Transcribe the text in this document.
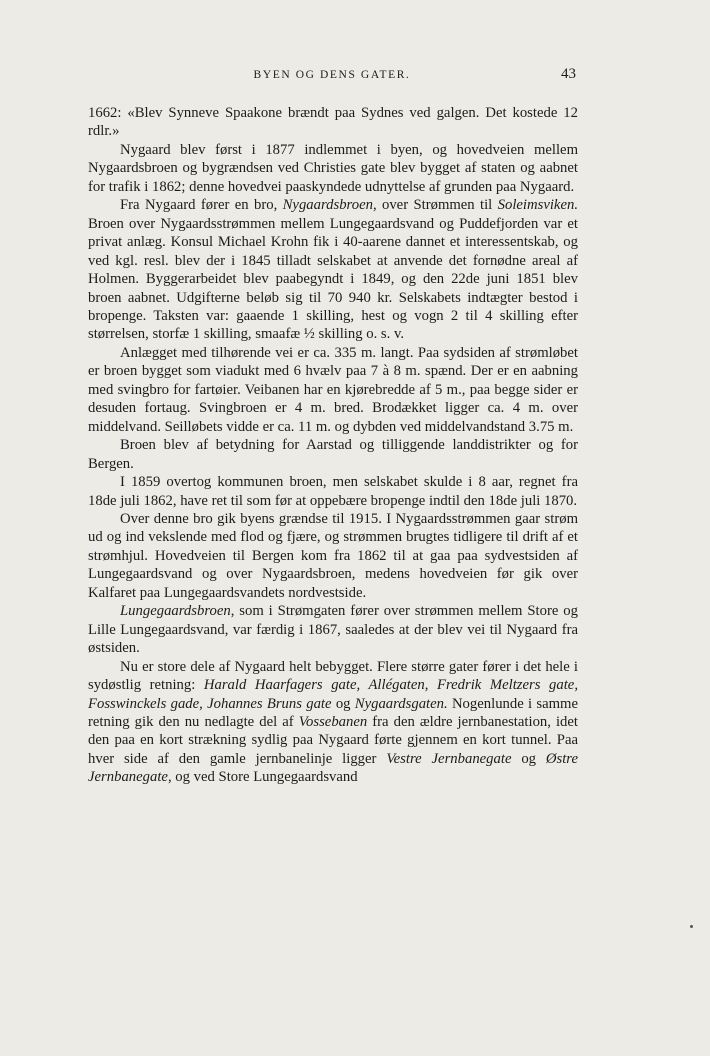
BYEN OG DENS GATER.	43

1662: «Blev Synneve Spaakone brændt paa Sydnes ved galgen. Det kostede 12 rdlr.»

Nygaard blev først i 1877 indlemmet i byen, og hovedveien mellem Nygaardsbroen og bygrændsen ved Christies gate blev bygget af staten og aabnet for trafik i 1862; denne hovedvei paaskyndede udnyttelse af grunden paa Nygaard.

Fra Nygaard fører en bro, Nygaardsbroen, over Strømmen til Soleimsviken. Broen over Nygaardsstrømmen mellem Lungegaardsvand og Puddefjorden var et privat anlæg. Konsul Michael Krohn fik i 40-aarene dannet et interessentskab, og ved kgl. resl. blev der i 1845 tilladt selskabet at anvende det fornødne areal af Holmen. Byggerarbeidet blev paabegyndt i 1849, og den 22de juni 1851 blev broen aabnet. Udgifterne beløb sig til 70 940 kr. Selskabets indtægter bestod i bropenge. Taksten var: gaaende 1 skilling, hest og vogn 2 til 4 skilling efter størrelsen, storfæ 1 skilling, smaafæ ½ skilling o. s. v.

Anlægget med tilhørende vei er ca. 335 m. langt. Paa sydsiden af strømløbet er broen bygget som viadukt med 6 hvælv paa 7 à 8 m. spænd. Der er en aabning med svingbro for fartøier. Veibanen har en kjørebredde af 5 m., paa begge sider er desuden fortaug. Svingbroen er 4 m. bred. Brodækket ligger ca. 4 m. over middelvand. Seilløbets vidde er ca. 11 m. og dybden ved middelvandstand 3.75 m.

Broen blev af betydning for Aarstad og tilliggende landdistrikter og for Bergen.

I 1859 overtog kommunen broen, men selskabet skulde i 8 aar, regnet fra 18de juli 1862, have ret til som før at oppebære bropenge indtil den 18de juli 1870.

Over denne bro gik byens grændse til 1915. I Nygaardsstrømmen gaar strøm ud og ind vekslende med flod og fjære, og strømmen brugtes tidligere til drift af et strømhjul. Hovedveien til Bergen kom fra 1862 til at gaa paa sydvestsiden af Lungegaardsvand og over Nygaardsbroen, medens hovedveien før gik over Kalfaret paa Lungegaardsvandets nordvestside.

Lungegaardsbroen, som i Strømgaten fører over strømmen mellem Store og Lille Lungegaardsvand, var færdig i 1867, saaledes at der blev vei til Nygaard fra østsiden.

Nu er store dele af Nygaard helt bebygget. Flere større gater fører i det hele i sydøstlig retning: Harald Haarfagers gate, Allégaten, Fredrik Meltzers gate, Fosswinckels gade, Johannes Bruns gate og Nygaardsgaten. Nogenlunde i samme retning gik den nu nedlagte del af Vossebanen fra den ældre jernbanestation, idet den paa en kort strækning sydlig paa Nygaard førte gjennem en kort tunnel. Paa hver side af den gamle jernbanelinje ligger Vestre Jernbanegate og Østre Jernbanegate, og ved Store Lungegaardsvand
